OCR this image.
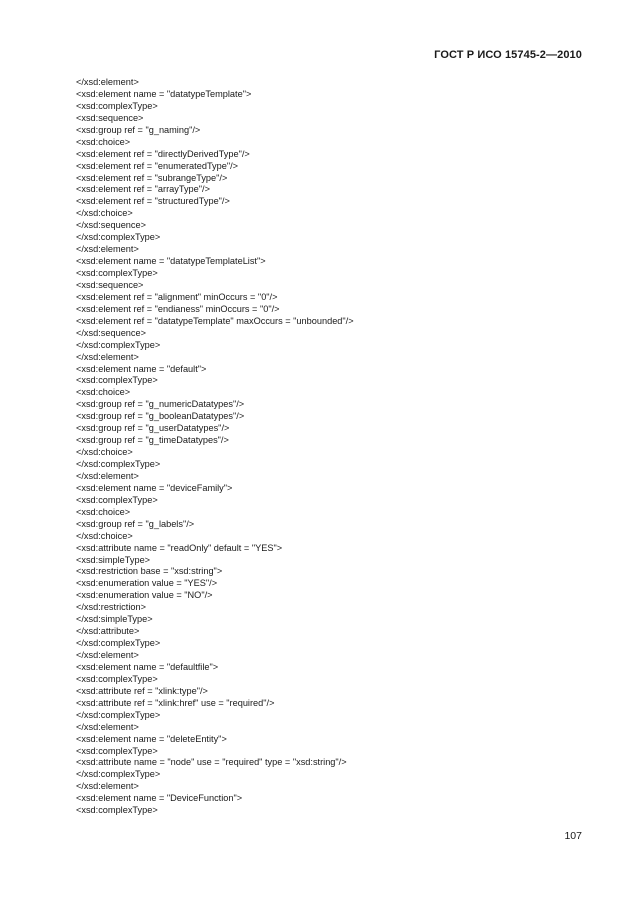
ГОСТ Р ИСО 15745-2—2010
</xsd:element>
<xsd:element name = "datatypeTemplate">
<xsd:complexType>
<xsd:sequence>
<xsd:group ref = "g_naming"/>
<xsd:choice>
<xsd:element ref = "directlyDerivedType"/>
<xsd:element ref = "enumeratedType"/>
<xsd:element ref = "subrangeType"/>
<xsd:element ref = "arrayType"/>
<xsd:element ref = "structuredType"/>
</xsd:choice>
</xsd:sequence>
</xsd:complexType>
</xsd:element>
<xsd:element name = "datatypeTemplateList">
<xsd:complexType>
<xsd:sequence>
<xsd:element ref = "alignment" minOccurs = "0"/>
<xsd:element ref = "endianess" minOccurs = "0"/>
<xsd:element ref = "datatypeTemplate" maxOccurs = "unbounded"/>
</xsd:sequence>
</xsd:complexType>
</xsd:element>
<xsd:element name = "default">
<xsd:complexType>
<xsd:choice>
<xsd:group ref = "g_numericDatatypes"/>
<xsd:group ref = "g_booleanDatatypes"/>
<xsd:group ref = "g_userDatatypes"/>
<xsd:group ref = "g_timeDatatypes"/>
</xsd:choice>
</xsd:complexType>
</xsd:element>
<xsd:element name = "deviceFamily">
<xsd:complexType>
<xsd:choice>
<xsd:group ref = "g_labels"/>
</xsd:choice>
<xsd:attribute name = "readOnly" default = "YES">
<xsd:simpleType>
<xsd:restriction base = "xsd:string">
<xsd:enumeration value = "YES"/>
<xsd:enumeration value = "NO"/>
</xsd:restriction>
</xsd:simpleType>
</xsd:attribute>
</xsd:complexType>
</xsd:element>
<xsd:element name = "defaultfile">
<xsd:complexType>
<xsd:attribute ref = "xlink:type"/>
<xsd:attribute ref = "xlink:href" use = "required"/>
</xsd:complexType>
</xsd:element>
<xsd:element name = "deleteEntity">
<xsd:complexType>
<xsd:attribute name = "node" use = "required" type = "xsd:string"/>
</xsd:complexType>
</xsd:element>
<xsd:element name = "DeviceFunction">
<xsd:complexType>
107
